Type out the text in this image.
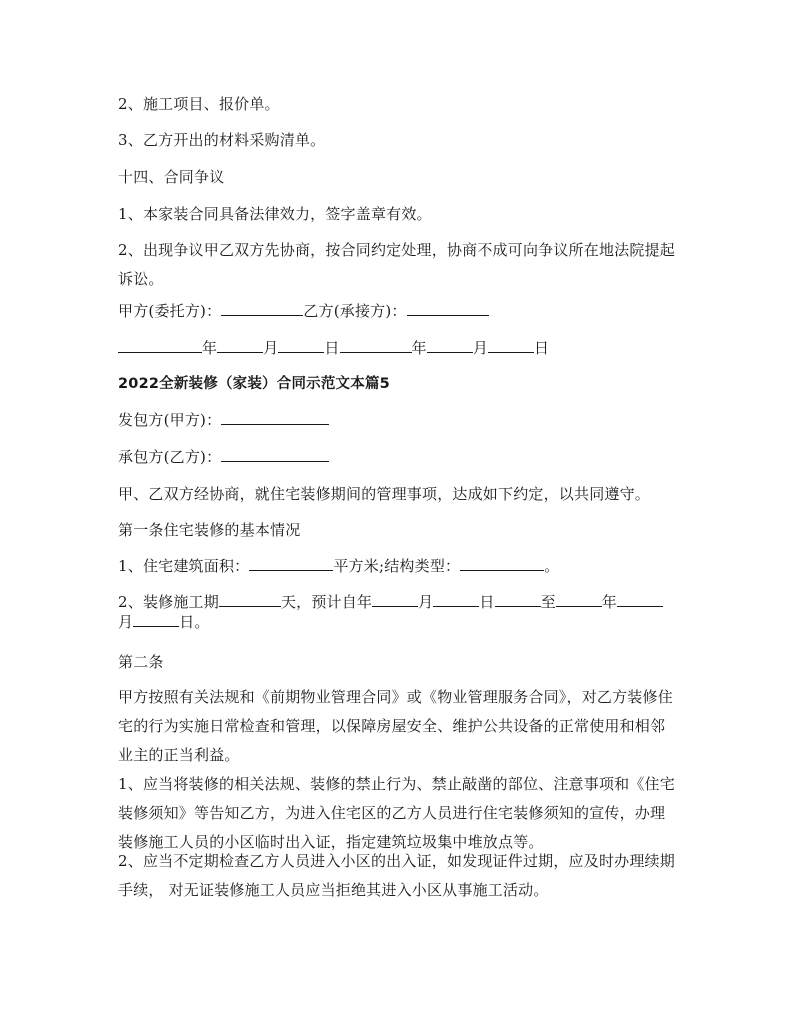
2、施工项目、报价单。
3、乙方开出的材料采购清单。
十四、合同争议
1、本家装合同具备法律效力，签字盖章有效。
2、出现争议甲乙双方先协商，按合同约定处理，协商不成可向争议所在地法院提起诉讼。
甲方(委托方)：	乙方(承接方)：
年	月	日	年	月	日
2022全新装修（家装）合同示范文本篇5
发包方(甲方)：
承包方(乙方)：
甲、乙双方经协商，就住宅装修期间的管理事项，达成如下约定，以共同遵守。
第一条住宅装修的基本情况
1、住宅建筑面积：	平方米;结构类型：	。
2、装修施工期	天，预计自年	月	日	至	年
月	日。
第二条
甲方按照有关法规和《前期物业管理合同》或《物业管理服务合同》，对乙方装修住宅的行为实施日常检查和管理，以保障房屋安全、维护公共设备的正常使用和相邻业主的正当利益。
1、应当将装修的相关法规、装修的禁止行为、禁止敲凿的部位、注意事项和《住宅装修须知》等告知乙方，为进入住宅区的乙方人员进行住宅装修须知的宣传，办理装修施工人员的小区临时出入证，指定建筑垃圾集中堆放点等。
2、应当不定期检查乙方人员进入小区的出入证，如发现证件过期，应及时办理续期手续， 对无证装修施工人员应当拒绝其进入小区从事施工活动。
